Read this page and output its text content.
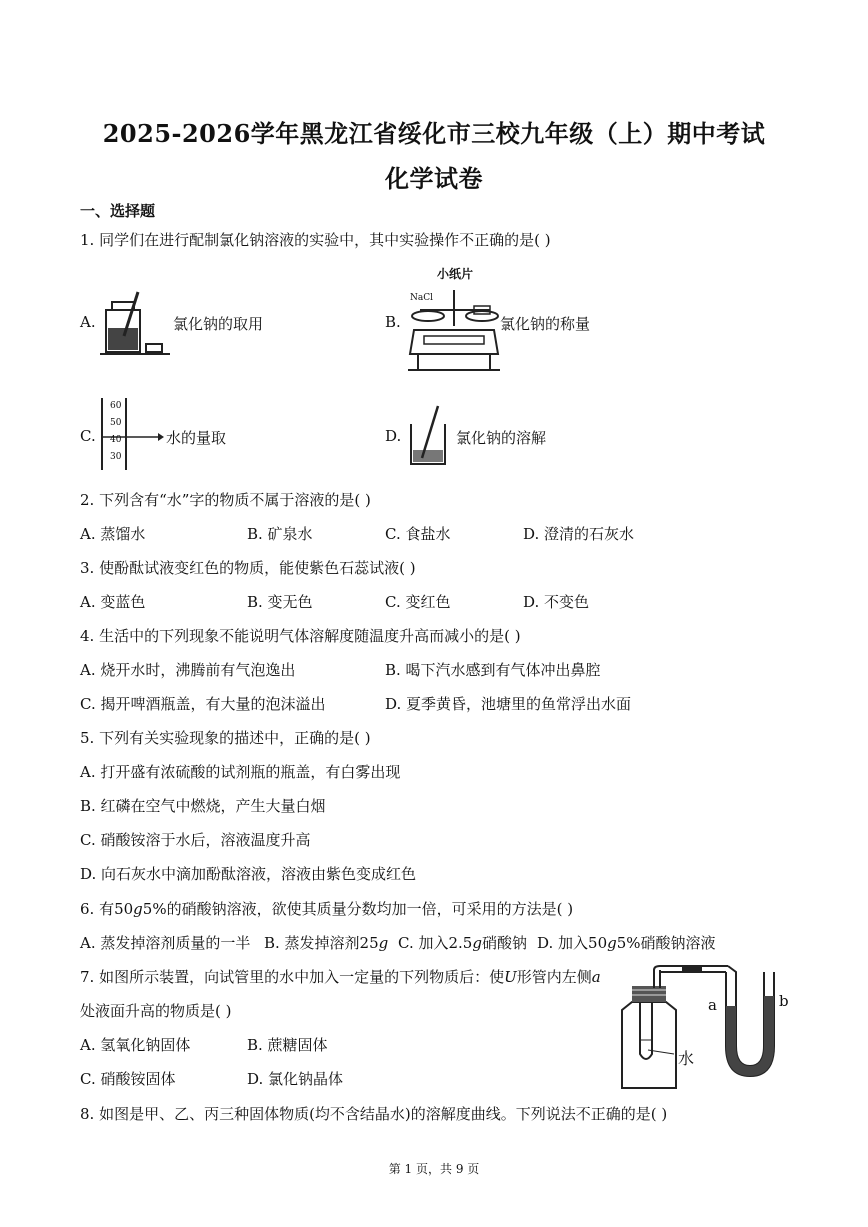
2025-2026学年黑龙江省绥化市三校九年级（上）期中考试
化学试卷
一、选择题
1. 同学们在进行配制氯化钠溶液的实验中，其中实验操作不正确的是( )
A.	氯化钠的取用	B.
小纸片
NaCl
氯化钠的称量
C.
60
50
40
30
水的量取	D.	氯化钠的溶解
2. 下列含有“水”字的物质不属于溶液的是( )
A. 蒸馏水	B. 矿泉水	C. 食盐水	D. 澄清的石灰水
3. 使酚酞试液变红色的物质，能使紫色石蕊试液( )
A. 变蓝色	B. 变无色	C. 变红色	D. 不变色
4. 生活中的下列现象不能说明气体溶解度随温度升高而减小的是( )
A. 烧开水时，沸腾前有气泡逸出	B. 喝下汽水感到有气体冲出鼻腔
C. 揭开啤酒瓶盖，有大量的泡沫溢出	D. 夏季黄昏，池塘里的鱼常浮出水面
5. 下列有关实验现象的描述中，正确的是( )
A. 打开盛有浓硫酸的试剂瓶的瓶盖，有白雾出现
B. 红磷在空气中燃烧，产生大量白烟
C. 硝酸铵溶于水后，溶液温度升高
D. 向石灰水中滴加酚酞溶液，溶液由紫色变成红色
6. 有50g5%的硝酸钠溶液，欲使其质量分数均加一倍，可采用的方法是( )
A. 蒸发掉溶剂质量的一半 B. 蒸发掉溶剂25g C. 加入2.5g硝酸钠 D. 加入50g5%硝酸钠溶液
7. 如图所示装置，向试管里的水中加入一定量的下列物质后：使U形管内左侧a
处液面升高的物质是( )
A. 氢氧化钠固体	B. 蔗糖固体
C. 硝酸铵固体	D. 氯化钠晶体
a	b
水
8. 如图是甲、乙、丙三种固体物质(均不含结晶水)的溶解度曲线。下列说法不正确的是( )
第 1 页，共 9 页
